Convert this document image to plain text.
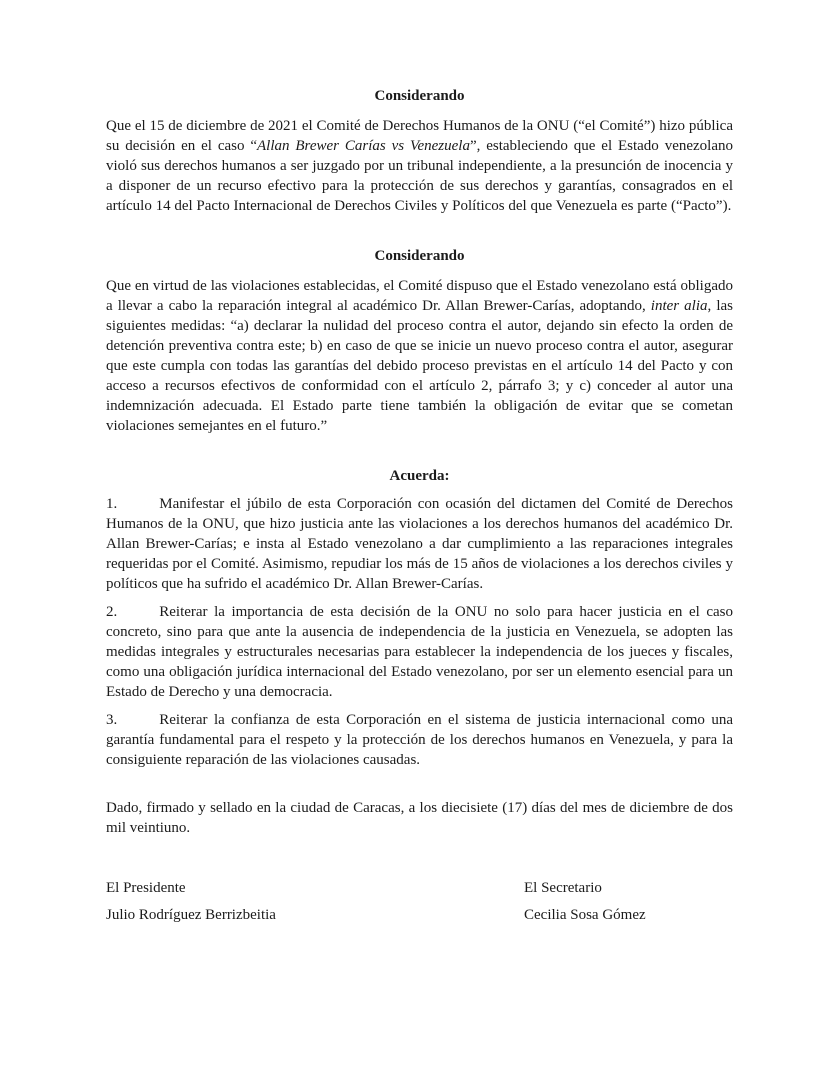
Considerando

Que el 15 de diciembre de 2021 el Comité de Derechos Humanos de la ONU (“el Comité”) hizo pública su decisión en el caso “Allan Brewer Carías vs Venezuela”, estableciendo que el Estado venezolano violó sus derechos humanos a ser juzgado por un tribunal independiente, a la presunción de inocencia y a disponer de un recurso efectivo para la protección de sus derechos y garantías, consagrados en el artículo 14 del Pacto Internacional de Derechos Civiles y Políticos del que Venezuela es parte (“Pacto”).

Considerando

Que en virtud de las violaciones establecidas, el Comité dispuso que el Estado venezolano está obligado a llevar a cabo la reparación integral al académico Dr. Allan Brewer-Carías, adoptando, inter alia, las siguientes medidas: “a) declarar la nulidad del proceso contra el autor, dejando sin efecto la orden de detención preventiva contra este; b) en caso de que se inicie un nuevo proceso contra el autor, asegurar que este cumpla con todas las garantías del debido proceso previstas en el artículo 14 del Pacto y con acceso a recursos efectivos de conformidad con el artículo 2, párrafo 3; y c) conceder al autor una indemnización adecuada. El Estado parte tiene también la obligación de evitar que se cometan violaciones semejantes en el futuro.”

Acuerda:

1.	Manifestar el júbilo de esta Corporación con ocasión del dictamen del Comité de Derechos Humanos de la ONU, que hizo justicia ante las violaciones a los derechos humanos del académico Dr. Allan Brewer-Carías; e insta al Estado venezolano a dar cumplimiento a las reparaciones integrales requeridas por el Comité. Asimismo, repudiar los más de 15 años de violaciones a los derechos civiles y políticos que ha sufrido el académico Dr. Allan Brewer-Carías.

2.	Reiterar la importancia de esta decisión de la ONU no solo para hacer justicia en el caso concreto, sino para que ante la ausencia de independencia de la justicia en Venezuela, se adopten las medidas integrales y estructurales necesarias para establecer la independencia de los jueces y fiscales, como una obligación jurídica internacional del Estado venezolano, por ser un elemento esencial para un Estado de Derecho y una democracia.

3.	Reiterar la confianza de esta Corporación en el sistema de justicia internacional como una garantía fundamental para el respeto y la protección de los derechos humanos en Venezuela, y para la consiguiente reparación de las violaciones causadas.

Dado, firmado y sellado en la ciudad de Caracas, a los diecisiete (17) días del mes de diciembre de dos mil veintiuno.

El Presidente

Julio Rodríguez Berrizbeitia

El Secretario

Cecilia Sosa Gómez
